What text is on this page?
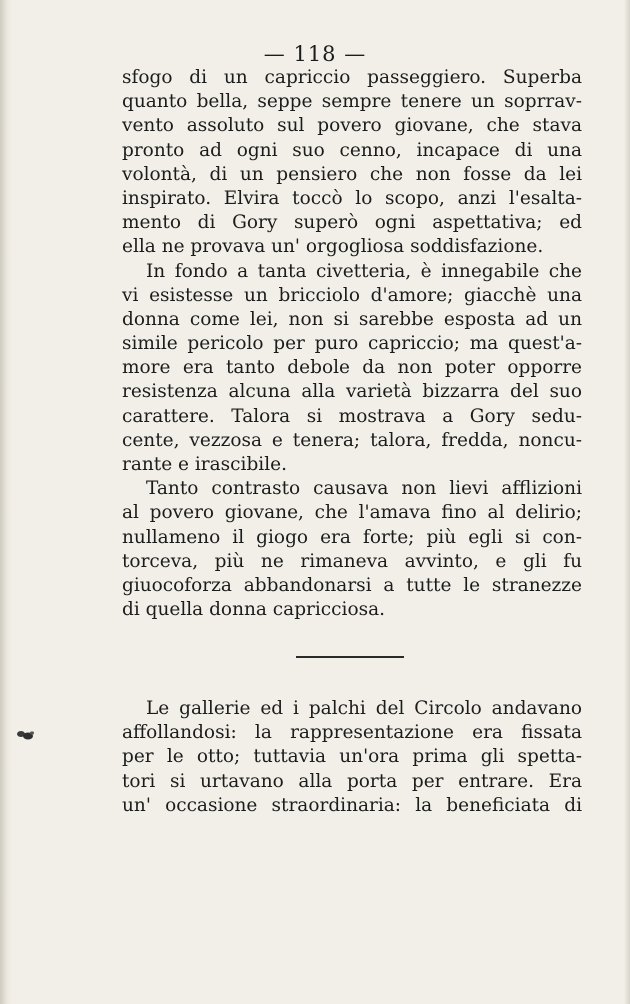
— 118 —
sfogo di un capriccio passeggiero. Superba
quanto bella, seppe sempre tenere un soprrav-
vento assoluto sul povero giovane, che stava
pronto ad ogni suo cenno, incapace di una
volontà, di un pensiero che non fosse da lei
inspirato. Elvira toccò lo scopo, anzi l'esalta-
mento di Gory superò ogni aspettativa; ed
ella ne provava un' orgogliosa soddisfazione.
In fondo a tanta civetteria, è innegabile che
vi esistesse un bricciolo d'amore; giacchè una
donna come lei, non si sarebbe esposta ad un
simile pericolo per puro capriccio; ma quest'a-
more era tanto debole da non poter opporre
resistenza alcuna alla varietà bizzarra del suo
carattere. Talora si mostrava a Gory sedu-
cente, vezzosa e tenera; talora, fredda, noncu-
rante e irascibile.
Tanto contrasto causava non lievi afflizioni
al povero giovane, che l'amava fino al delirio;
nullameno il giogo era forte; più egli si con-
torceva, più ne rimaneva avvinto, e gli fu
giuocoforza abbandonarsi a tutte le stranezze
di quella donna capricciosa.
Le gallerie ed i palchi del Circolo andavano
affollandosi: la rappresentazione era fissata
per le otto; tuttavia un'ora prima gli spetta-
tori si urtavano alla porta per entrare. Era
un' occasione straordinaria: la beneficiata di
